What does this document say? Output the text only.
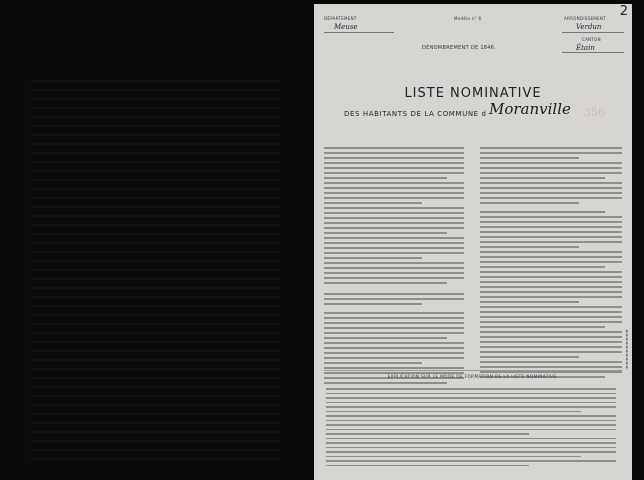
2
DÉPARTEMENT
Meuse
Modèle n° 6	ARRONDISSEMENT
Verdun
CANTON
Étain
DÉNOMBREMENT DE 1846.
LISTE NOMINATIVE
DES HABITANTS DE LA COMMUNE d Moranville 356
EXPLICATION SUR LE MODE DE FORMATION DE LA LISTE NOMINATIVE.
▮▮▮▮▮▮▮▮▮▮
